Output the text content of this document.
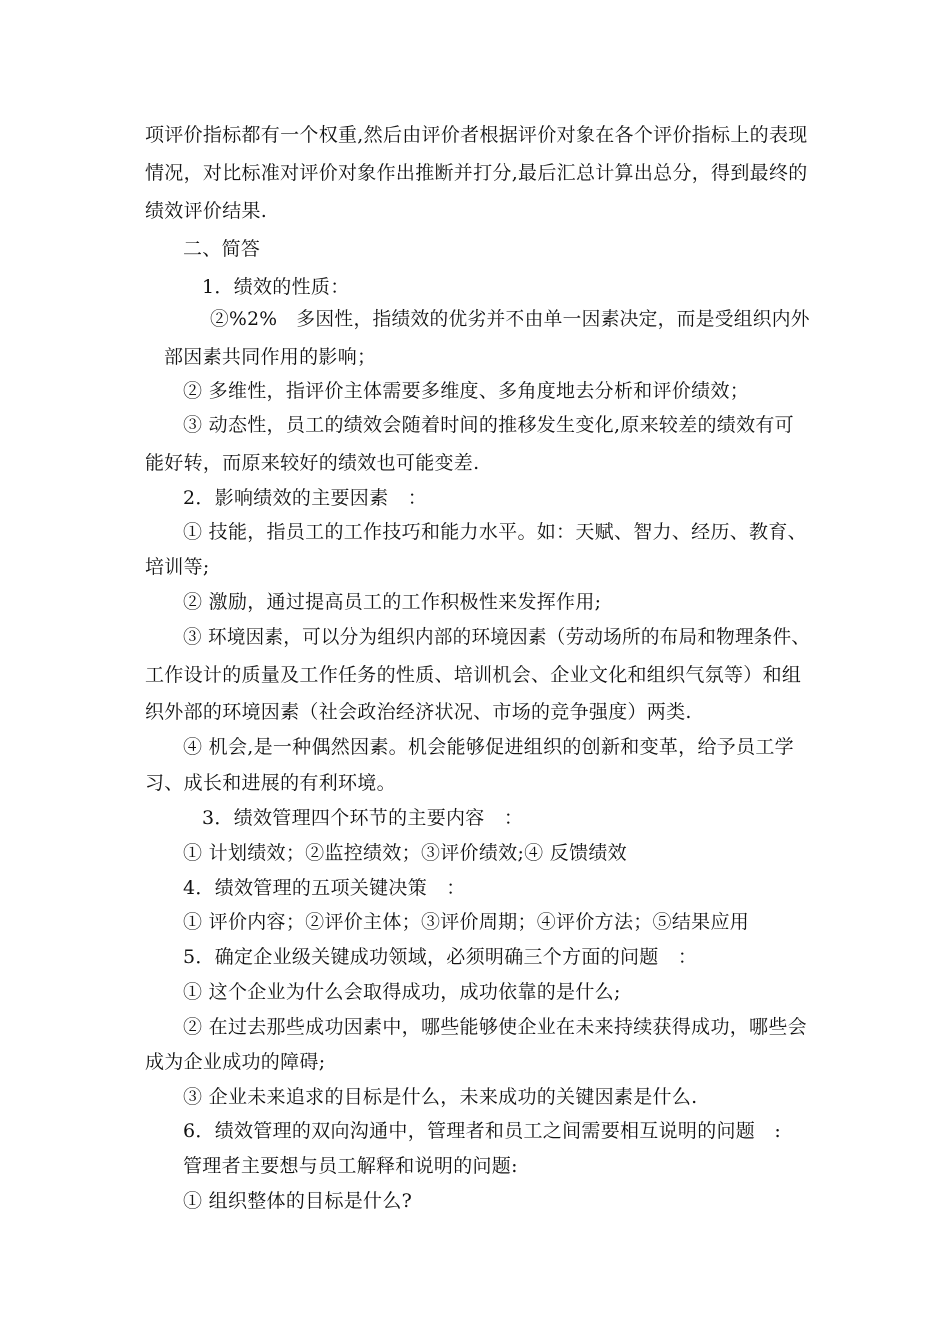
项评价指标都有一个权重,然后由评价者根据评价对象在各个评价指标上的表现

情况，对比标准对评价对象作出推断并打分,最后汇总计算出总分，得到最终的

绩效评价结果.

二、简答

1．绩效的性质：

②%2%　多因性，指绩效的优劣并不由单一因素决定，而是受组织内外

部因素共同作用的影响；

② 多维性，指评价主体需要多维度、多角度地去分析和评价绩效；

③ 动态性，员工的绩效会随着时间的推移发生变化,原来较差的绩效有可

能好转，而原来较好的绩效也可能变差.

2．影响绩效的主要因素　：

① 技能，指员工的工作技巧和能力水平。如：天赋、智力、经历、教育、

培训等;

② 激励，通过提高员工的工作积极性来发挥作用;

③ 环境因素，可以分为组织内部的环境因素（劳动场所的布局和物理条件、

工作设计的质量及工作任务的性质、培训机会、企业文化和组织气氛等）和组

织外部的环境因素（社会政治经济状况、市场的竞争强度）两类.

④ 机会,是一种偶然因素。机会能够促进组织的创新和变革，给予员工学

习、成长和进展的有利环境。

3．绩效管理四个环节的主要内容　：

① 计划绩效；②监控绩效；③评价绩效;④ 反馈绩效

4．绩效管理的五项关键决策　：

① 评价内容；②评价主体；③评价周期；④评价方法；⑤结果应用

5．确定企业级关键成功领域，必须明确三个方面的问题　：

① 这个企业为什么会取得成功，成功依靠的是什么;

② 在过去那些成功因素中，哪些能够使企业在未来持续获得成功，哪些会

成为企业成功的障碍;

③ 企业未来追求的目标是什么，未来成功的关键因素是什么.

6．绩效管理的双向沟通中，管理者和员工之间需要相互说明的问题　:

管理者主要想与员工解释和说明的问题:

① 组织整体的目标是什么?
